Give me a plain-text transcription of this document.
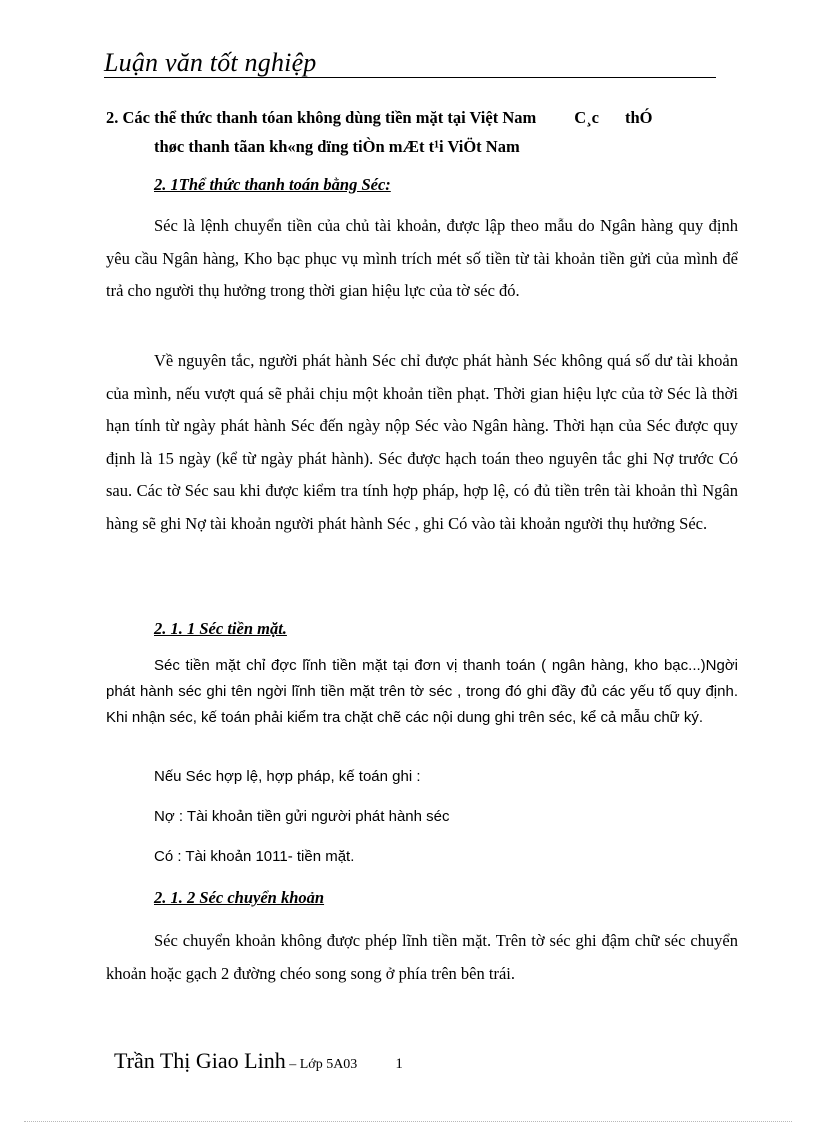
Luận văn tốt nghiệp
2. Các thể thức thanh tóan không dùng tiền mặt tại Việt Nam C¸c thÓ
thøc thanh tãan kh«ng dïng tiÒn mÆt t¹i ViÖt Nam
2. 1Thể thức thanh toán bằng Séc:
Séc là lệnh chuyển tiền của chủ tài khoản, được lập theo mẫu do Ngân hàng quy định yêu cầu Ngân hàng, Kho bạc phục vụ mình trích mét số tiền từ tài khoản tiền gửi của mình để trả cho người thụ hưởng trong thời gian hiệu lực của tờ séc đó.
Về nguyên tắc, người phát hành Séc chỉ được phát hành Séc không quá số dư tài khoản của mình, nếu vượt quá sẽ phải chịu một khoản tiền phạt. Thời gian hiệu lực của tờ Séc là thời hạn tính từ ngày phát hành Séc đến ngày nộp Séc vào Ngân hàng. Thời hạn của Séc được quy định là 15 ngày (kể từ ngày phát hành). Séc được hạch toán theo nguyên tắc ghi Nợ trước Có sau. Các tờ Séc sau khi được kiểm tra tính hợp pháp, hợp lệ, có đủ tiền trên tài khoản thì Ngân hàng sẽ ghi Nợ tài khoản người phát hành Séc , ghi Có vào tài khoản người thụ hưởng Séc.
2. 1. 1 Séc tiền mặt.
Séc tiền mặt chỉ đợc lĩnh tiền mặt tại đơn vị thanh toán ( ngân hàng, kho bạc...)Ngời phát hành séc ghi tên ngời lĩnh tiền mặt trên tờ séc , trong đó ghi đầy đủ các yếu tố quy định. Khi nhận séc, kế toán phải kiểm tra chặt chẽ các nội dung ghi trên séc, kể cả mẫu chữ ký.
Nếu Séc hợp lệ, hợp pháp, kế toán ghi :
Nợ : Tài khoản tiền gửi người phát hành séc
Có : Tài khoản 1011- tiền mặt.
2. 1. 2 Séc chuyển khoản
Séc chuyển khoản không được phép lĩnh tiền mặt. Trên tờ séc ghi đậm chữ séc chuyển khoản hoặc gạch 2 đường chéo song song ở phía trên bên trái.
Trần Thị Giao Linh – Lớp 5A03	1
